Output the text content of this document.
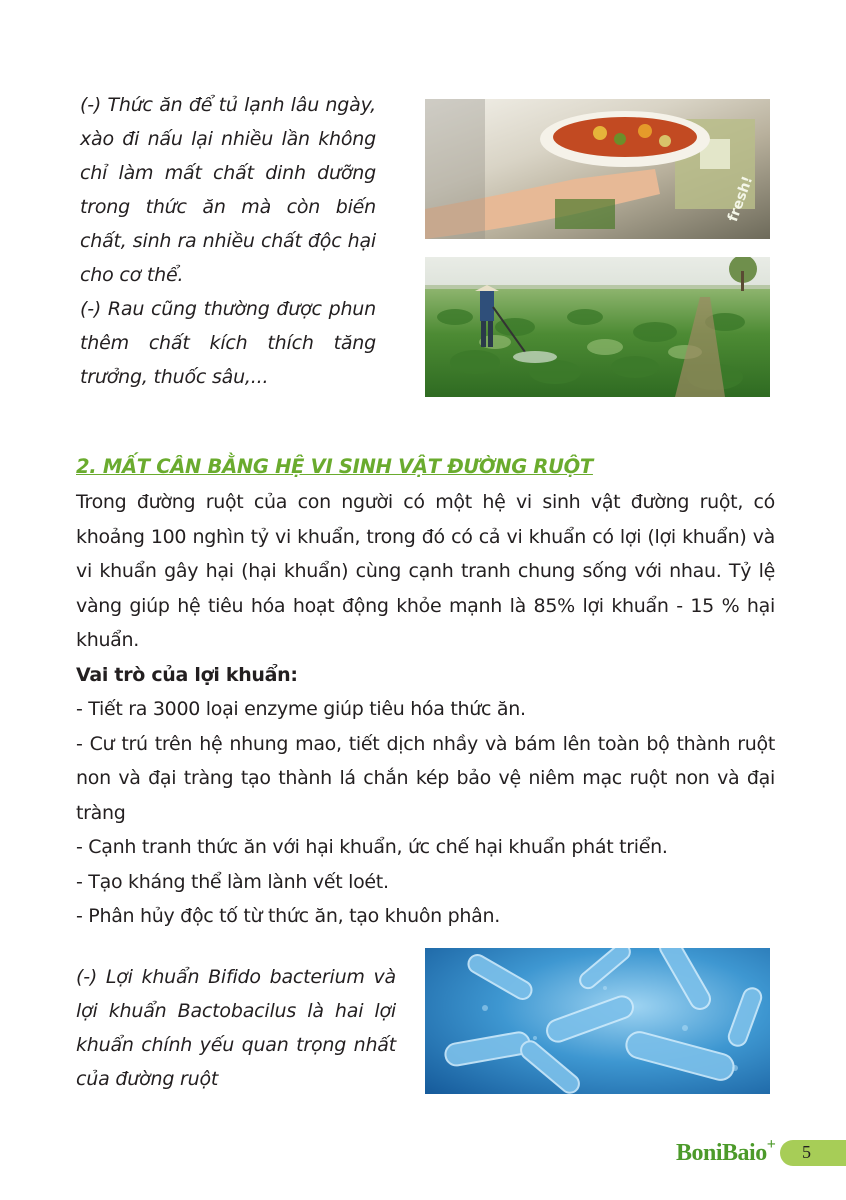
(-) Thức ăn để tủ lạnh lâu ngày, xào đi nấu lại nhiều lần không chỉ làm mất chất dinh dưỡng trong thức ăn mà còn biến chất, sinh ra nhiều chất độc hại cho cơ thể.

(-) Rau cũng thường được phun thêm chất kích thích tăng trưởng, thuốc sâu,...

fresh!
2. MẤT CÂN BẰNG HỆ VI SINH VẬT ĐƯỜNG RUỘT

Trong đường ruột của con người có một hệ vi sinh vật đường ruột, có khoảng 100 nghìn tỷ vi khuẩn, trong đó có cả vi khuẩn có lợi (lợi khuẩn) và vi khuẩn gây hại (hại khuẩn) cùng cạnh tranh chung sống với nhau. Tỷ lệ vàng giúp hệ tiêu hóa hoạt động khỏe mạnh là 85% lợi khuẩn - 15 % hại khuẩn.

Vai trò của lợi khuẩn:

- Tiết ra 3000 loại enzyme giúp tiêu hóa thức ăn.

- Cư trú trên hệ nhung mao, tiết dịch nhầy và bám lên toàn bộ thành ruột non và đại tràng tạo thành lá chắn kép bảo vệ niêm mạc ruột non và đại tràng

- Cạnh tranh thức ăn với hại khuẩn, ức chế hại khuẩn phát triển.

- Tạo kháng thể làm lành vết loét.

- Phân hủy độc tố từ thức ăn, tạo khuôn phân.

(-) Lợi khuẩn Bifido bacterium và lợi khuẩn Bactobacilus là hai lợi khuẩn chính yếu quan trọng nhất của đường ruột

BoniBaio+ 5
